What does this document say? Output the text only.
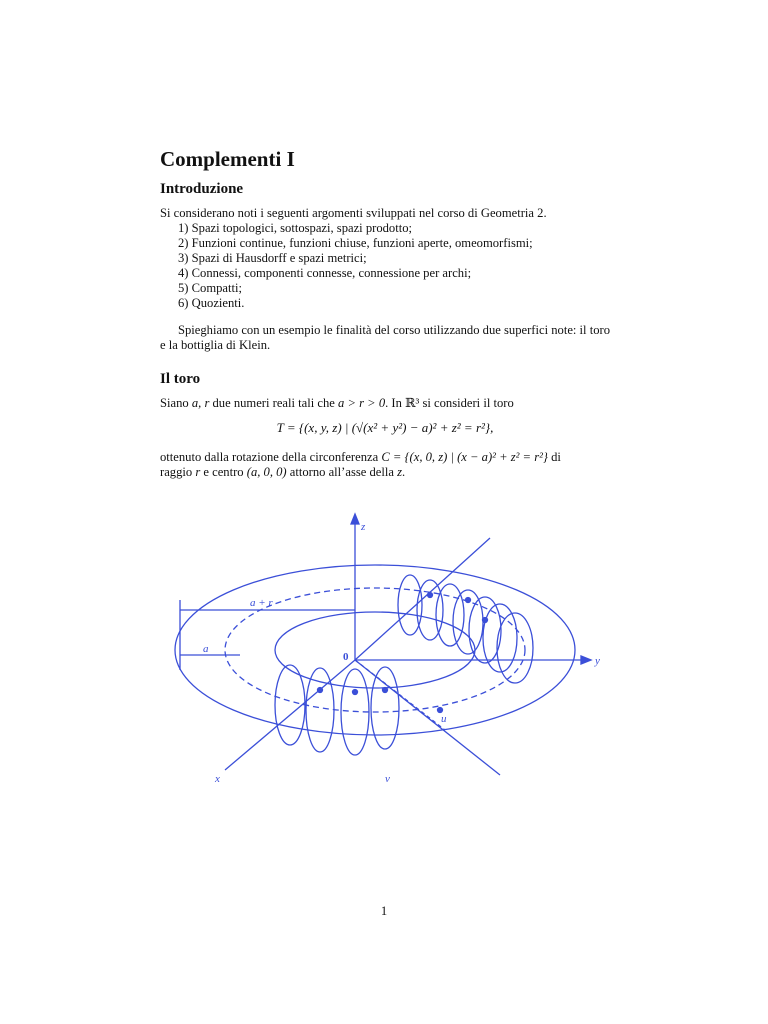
Complementi I
Introduzione

Si considerano noti i seguenti argomenti sviluppati nel corso di Geometria 2.

1) Spazi topologici, sottospazi, spazi prodotto;
2) Funzioni continue, funzioni chiuse, funzioni aperte, omeomorfismi;
3) Spazi di Hausdorff e spazi metrici;
4) Connessi, componenti connesse, connessione per archi;
5) Compatti;
6) Quozienti.

Spieghiamo con un esempio le finalità del corso utilizzando due superfici note: il toro e la bottiglia di Klein.

Il toro

Siano a, r due numeri reali tali che a > r > 0. In ℝ³ si consideri il toro

T = {(x, y, z) | (√(x² + y²) − a)² + z² = r²},

ottenuto dalla rotazione della circonferenza C = {(x, 0, z) | (x − a)² + z² = r²} di
raggio r e centro (a, 0, 0) attorno all’asse della z.

z
0
a + r
a
y
x
u
v
1
